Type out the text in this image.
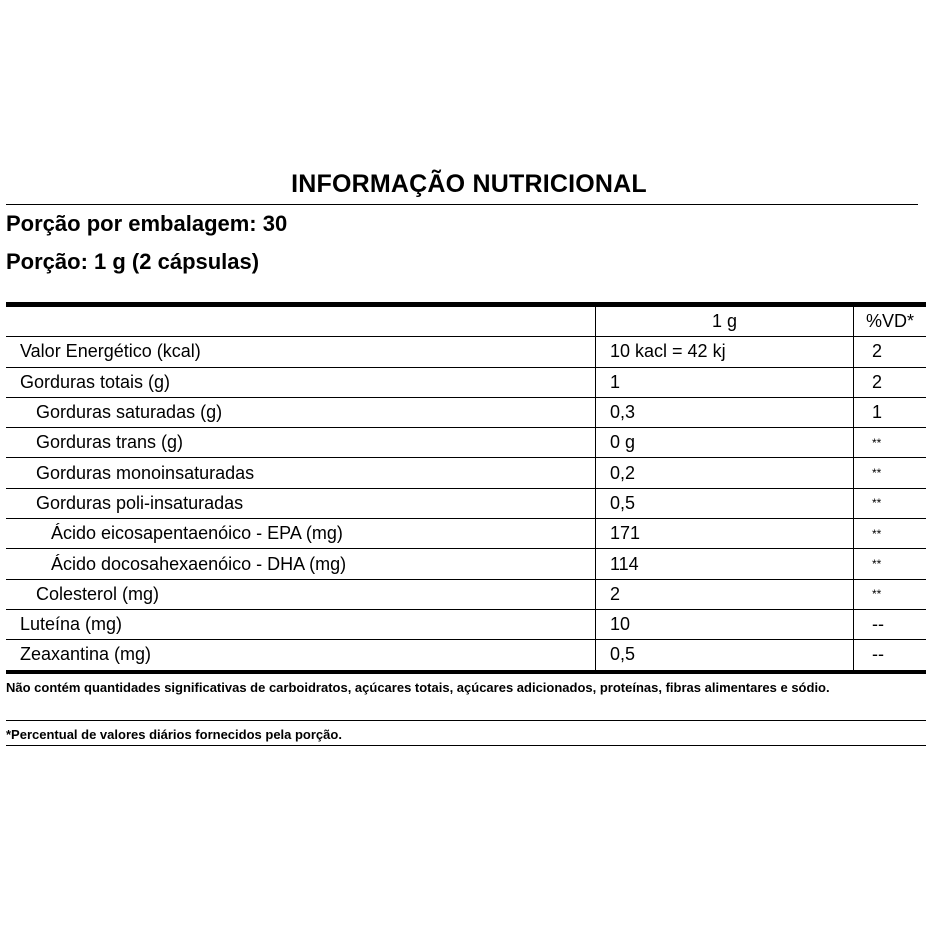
INFORMAÇÃO NUTRICIONAL
Porção por embalagem: 30
Porção: 1 g (2 cápsulas)
	1 g	%VD*
Valor Energético (kcal)	10 kacl = 42 kj	2
Gorduras totais (g)	1	2
Gorduras saturadas (g)	0,3	1
Gorduras trans (g)	0 g	**
Gorduras monoinsaturadas	0,2	**
Gorduras poli-insaturadas	0,5	**
Ácido eicosapentaenóico - EPA (mg)	171	**
Ácido docosahexaenóico - DHA (mg)	114	**
Colesterol (mg)	2	**
Luteína (mg)	10	--
Zeaxantina (mg)	0,5	--
Não contém quantidades significativas de carboidratos, açúcares totais, açúcares adicionados, proteínas, fibras alimentares e sódio.
*Percentual de valores diários fornecidos pela porção.
